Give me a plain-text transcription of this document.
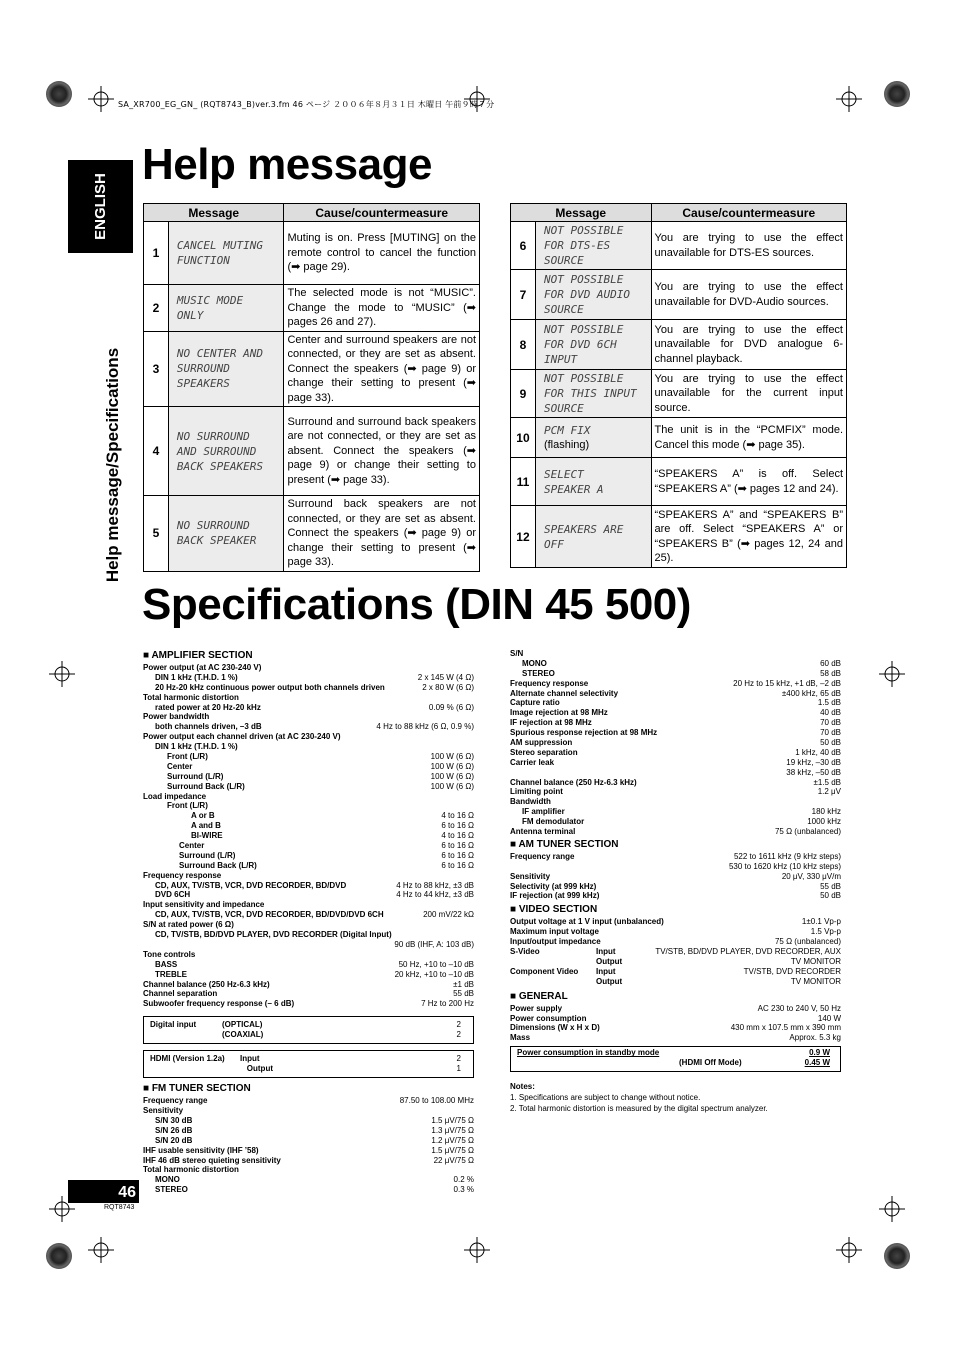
SA_XR700_EG_GN_ (RQT8743_B)ver.3.fm 46 ページ ２００６年８月３１日 木曜日 午前９時７分
ENGLISH
Help message/Specifications
Help message
Message		Cause/countermeasure
1	CANCEL MUTING
FUNCTION	Muting is on. Press [MUTING] on the remote control to cancel the function (➡ page 29).
2	MUSIC MODE
ONLY	The selected mode is not “MUSIC”. Change the mode to “MUSIC” (➡ pages 26 and 27).
3	NO CENTER AND
SURROUND
SPEAKERS	Center and surround speakers are not connected, or they are set as absent. Connect the speakers (➡ page 9) or change their setting to present (➡ page 33).
4	NO SURROUND
AND SURROUND
BACK SPEAKERS	Surround and surround back speakers are not connected, or they are set as absent. Connect the speakers (➡ page 9) or change their setting to present (➡ page 33).
5	NO SURROUND
BACK SPEAKER	Surround back speakers are not connected, or they are set as absent. Connect the speakers (➡ page 9) or change their setting to present (➡ page 33).
Message		Cause/countermeasure
6	NOT POSSIBLE
FOR DTS-ES
SOURCE	You are trying to use the effect unavailable for DTS-ES sources.
7	NOT POSSIBLE
FOR DVD AUDIO
SOURCE	You are trying to use the effect unavailable for DVD-Audio sources.
8	NOT POSSIBLE
FOR DVD 6CH
INPUT	You are trying to use the effect unavailable for DVD analogue 6-channel playback.
9	NOT POSSIBLE
FOR THIS INPUT
SOURCE	You are trying to use the effect unavailable for the current input source.
10	PCM FIX
(flashing)	The unit is in the “PCMFIX” mode. Cancel this mode (➡ page 35).
11	SELECT
SPEAKER A	“SPEAKERS A” is off. Select “SPEAKERS A” (➡ pages 12 and 24).
12	SPEAKERS ARE
OFF	“SPEAKERS A” and “SPEAKERS B” are off. Select “SPEAKERS A” or “SPEAKERS B” (➡ pages 12, 24 and 25).
Specifications (DIN 45 500)
■ AMPLIFIER SECTION
Power output (at AC 230-240 V)
DIN 1 kHz (T.H.D. 1 %)	2 x 145 W (4 Ω)
20 Hz-20 kHz continuous power output both channels driven	2 x 80 W (6 Ω)
Total harmonic distortion
rated power at 20 Hz-20 kHz	0.09 % (6 Ω)
Power bandwidth
both channels driven, –3 dB	4 Hz to 88 kHz (6 Ω, 0.9 %)
Power output each channel driven (at AC 230-240 V)
DIN 1 kHz (T.H.D. 1 %)
Front (L/R)	100 W (6 Ω)
Center	100 W (6 Ω)
Surround (L/R)	100 W (6 Ω)
Surround Back (L/R)	100 W (6 Ω)
Load impedance
Front (L/R)
A or B	4 to 16 Ω
A and B	6 to 16 Ω
BI-WIRE	4 to 16 Ω
Center	6 to 16 Ω
Surround (L/R)	6 to 16 Ω
Surround Back (L/R)	6 to 16 Ω
Frequency response
CD, AUX, TV/STB, VCR, DVD RECORDER, BD/DVD	4 Hz to 88 kHz, ±3 dB
DVD 6CH	4 Hz to 44 kHz, ±3 dB
Input sensitivity and impedance
CD, AUX, TV/STB, VCR, DVD RECORDER, BD/DVD/DVD 6CH	200 mV/22 kΩ
S/N at rated power (6 Ω)
CD, TV/STB, BD/DVD PLAYER, DVD RECORDER (Digital Input)
90 dB (IHF, A: 103 dB)
Tone controls
BASS	50 Hz, +10 to –10 dB
TREBLE	20 kHz, +10 to –10 dB
Channel balance (250 Hz-6.3 kHz)	±1 dB
Channel separation	55 dB
Subwoofer frequency response (– 6 dB)	7 Hz to 200 Hz
Digital input	(OPTICAL)	2
(COAXIAL)	2
HDMI (Version 1.2a) Input	2
Output	1
■ FM TUNER SECTION
Frequency range	87.50 to 108.00 MHz
Sensitivity
S/N 30 dB	1.5 μV/75 Ω
S/N 26 dB	1.3 μV/75 Ω
S/N 20 dB	1.2 μV/75 Ω
IHF usable sensitivity (IHF ’58)	1.5 μV/75 Ω
IHF 46 dB stereo quieting sensitivity	22 μV/75 Ω
Total harmonic distortion
MONO	0.2 %
STEREO	0.3 %
S/N
MONO	60 dB
STEREO	58 dB
Frequency response	20 Hz to 15 kHz, +1 dB, –2 dB
Alternate channel selectivity	±400 kHz, 65 dB
Capture ratio	1.5 dB
Image rejection at 98 MHz	40 dB
IF rejection at 98 MHz	70 dB
Spurious response rejection at 98 MHz	70 dB
AM suppression	50 dB
Stereo separation	1 kHz, 40 dB
Carrier leak	19 kHz, –30 dB
38 kHz, –50 dB
Channel balance (250 Hz-6.3 kHz)	±1.5 dB
Limiting point	1.2 μV
Bandwidth
IF amplifier	180 kHz
FM demodulator	1000 kHz
Antenna terminal	75 Ω (unbalanced)
■ AM TUNER SECTION
Frequency range	522 to 1611 kHz (9 kHz steps)
530 to 1620 kHz (10 kHz steps)
Sensitivity	20 μV, 330 μV/m
Selectivity (at 999 kHz)	55 dB
IF rejection (at 999 kHz)	50 dB
■ VIDEO SECTION
Output voltage at 1 V input (unbalanced)	1±0.1 Vp-p
Maximum input voltage	1.5 Vp-p
Input/output impedance	75 Ω (unbalanced)
S-Video	Input	TV/STB, BD/DVD PLAYER, DVD RECORDER, AUX
Output	TV MONITOR
Component Video Input	TV/STB, DVD RECORDER
Output	TV MONITOR
■ GENERAL
Power supply	AC 230 to 240 V, 50 Hz
Power consumption	140 W
Dimensions (W x H x D)	430 mm x 107.5 mm x 390 mm
Mass	Approx. 5.3 kg
Power consumption in standby mode	0.9 W
(HDMI Off Mode)	0.45 W
Notes:
1. Specifications are subject to change without notice.
2. Total harmonic distortion is measured by the digital spectrum analyzer.
46
RQT8743
